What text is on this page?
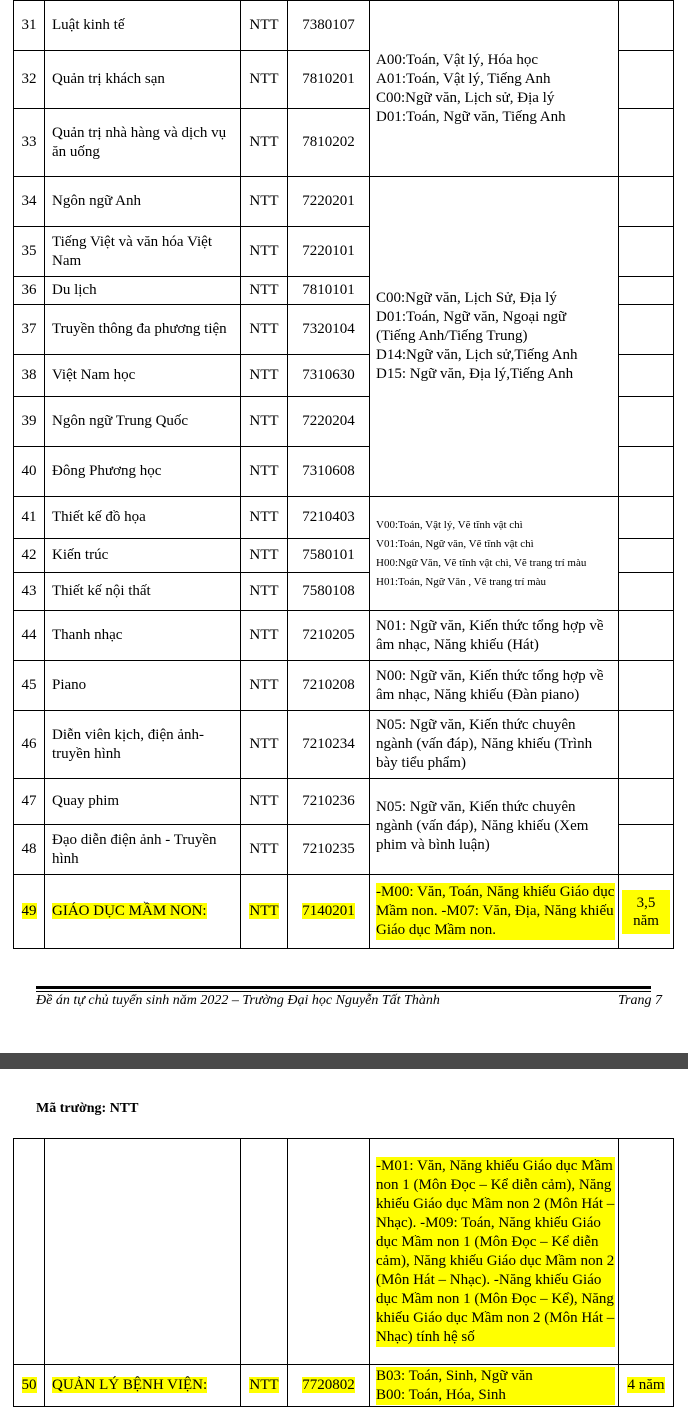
31	Luật kinh tế	NTT	7380107	A00:Toán, Vật lý, Hóa học
A01:Toán, Vật lý, Tiếng Anh
C00:Ngữ văn, Lịch sử, Địa lý
D01:Toán, Ngữ văn, Tiếng Anh	

32	Quản trị khách sạn	NTT	7810201		
33	Quản trị nhà hàng và dịch vụ ăn uống	NTT	7810202		
34	Ngôn ngữ Anh	NTT	7220201	C00:Ngữ văn, Lịch Sử, Địa lý
D01:Toán, Ngữ văn, Ngoại ngữ
(Tiếng Anh/Tiếng Trung)
D14:Ngữ văn, Lịch sử,Tiếng Anh
D15: Ngữ văn, Địa lý,Tiếng Anh	

35	Tiếng Việt và văn hóa Việt Nam	NTT	7220101		
36	Du lịch	NTT	7810101		
37	Truyền thông đa phương tiện	NTT	7320104		
38	Việt Nam học	NTT	7310630		
39	Ngôn ngữ Trung Quốc	NTT	7220204		
40	Đông Phương học	NTT	7310608		
41	Thiết kế đồ họa	NTT	7210403	V00:Toán, Vật lý, Vẽ tĩnh vật chì
V01:Toán, Ngữ văn, Vẽ tĩnh vật chì
H00:Ngữ Văn, Vẽ tĩnh vật chì, Vẽ trang trí màu
H01:Toán, Ngữ Văn , Vẽ trang trí màu	

42	Kiến trúc	NTT	7580101		
43	Thiết kế nội thất	NTT	7580108		
44	Thanh nhạc	NTT	7210205	N01: Ngữ văn, Kiến thức tổng hợp về âm nhạc, Năng khiếu (Hát)	
45	Piano	NTT	7210208	N00: Ngữ văn, Kiến thức tổng hợp về âm nhạc, Năng khiếu (Đàn piano)	
46	Diễn viên kịch, điện ảnh-truyền hình	NTT	7210234	N05: Ngữ văn, Kiến thức chuyên ngành (vấn đáp), Năng khiếu (Trình bày tiểu phẩm)	
47	Quay phim	NTT	7210236	N05: Ngữ văn, Kiến thức chuyên ngành (vấn đáp), Năng khiếu (Xem phim và bình luận)	
48	Đạo diễn điện ảnh - Truyền hình	NTT	7210235		
49	GIÁO DỤC MẦM NON:	NTT	7140201	-M00: Văn, Toán, Năng khiếu Giáo dục Mầm non. -M07: Văn, Địa, Năng khiếu Giáo dục Mầm non.	3,5 năm
Đề án tự chủ tuyển sinh năm 2022 – Trường Đại học Nguyễn Tất Thành	Trang 7
Mã trường: NTT

				-M01: Văn, Năng khiếu Giáo dục Mầm non 1 (Môn Đọc – Kể diễn cảm), Năng khiếu Giáo dục Mầm non 2 (Môn Hát – Nhạc). -M09: Toán, Năng khiếu Giáo dục Mầm non 1 (Môn Đọc – Kể diễn cảm), Năng khiếu Giáo dục Mầm non 2 (Môn Hát – Nhạc). -Năng khiếu Giáo dục Mầm non 1 (Môn Đọc – Kể), Năng khiếu Giáo dục Mầm non 2 (Môn Hát – Nhạc) tính hệ số	

50	QUẢN LÝ BỆNH VIỆN:	NTT	7720802	B03: Toán, Sinh, Ngữ văn
B00: Toán, Hóa, Sinh	4 năm
